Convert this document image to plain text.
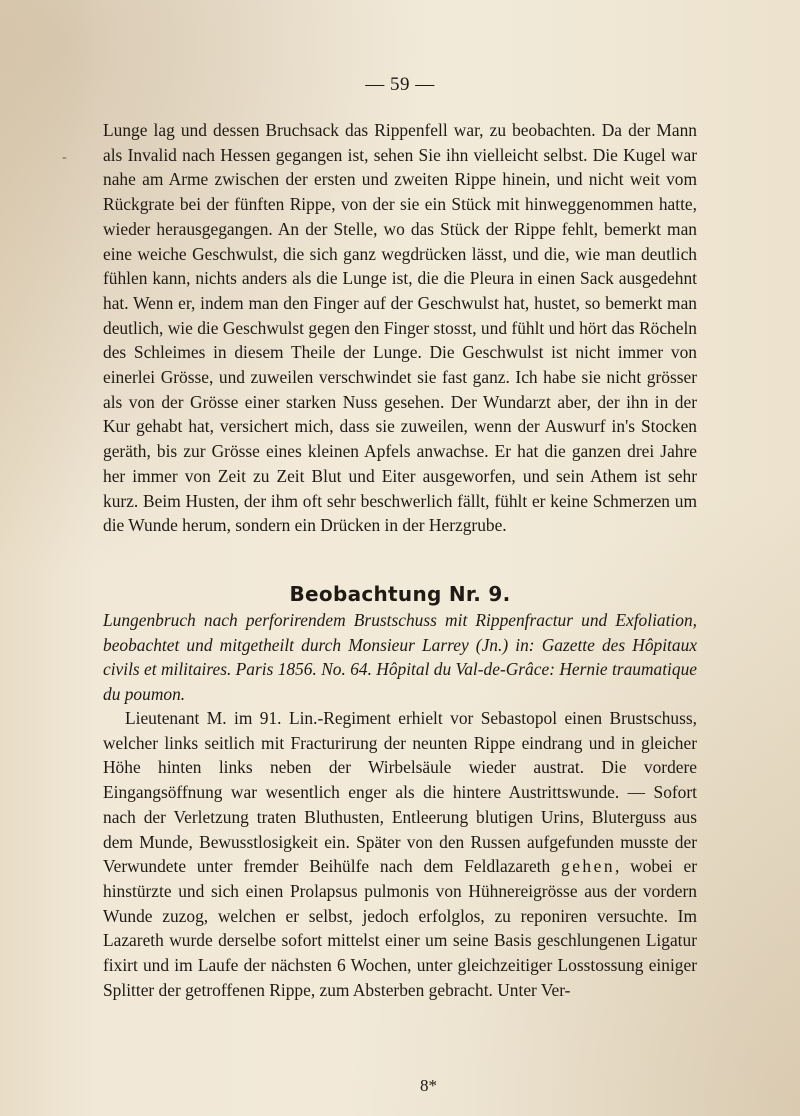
— 59 —
-
Lunge lag und dessen Bruchsack das Rippenfell war, zu beobachten. Da der Mann als Invalid nach Hessen gegangen ist, sehen Sie ihn vielleicht selbst. Die Kugel war nahe am Arme zwischen der ersten und zweiten Rippe hinein, und nicht weit vom Rückgrate bei der fünften Rippe, von der sie ein Stück mit hinweggenommen hatte, wieder herausgegangen. An der Stelle, wo das Stück der Rippe fehlt, bemerkt man eine weiche Geschwulst, die sich ganz wegdrücken lässt, und die, wie man deutlich fühlen kann, nichts anders als die Lunge ist, die die Pleura in einen Sack ausgedehnt hat. Wenn er, indem man den Finger auf der Geschwulst hat, hustet, so bemerkt man deutlich, wie die Geschwulst gegen den Finger stosst, und fühlt und hört das Röcheln des Schleimes in diesem Theile der Lunge. Die Geschwulst ist nicht immer von einerlei Grösse, und zuweilen verschwindet sie fast ganz. Ich habe sie nicht grösser als von der Grösse einer starken Nuss gesehen. Der Wundarzt aber, der ihn in der Kur gehabt hat, versichert mich, dass sie zuweilen, wenn der Auswurf in's Stocken geräth, bis zur Grösse eines kleinen Apfels anwachse. Er hat die ganzen drei Jahre her immer von Zeit zu Zeit Blut und Eiter ausgeworfen, und sein Athem ist sehr kurz. Beim Husten, der ihm oft sehr beschwerlich fällt, fühlt er keine Schmerzen um die Wunde herum, sondern ein Drücken in der Herzgrube.
Beobachtung Nr. 9.
Lungenbruch nach perforirendem Brustschuss mit Rippenfractur und Exfoliation, beobachtet und mitgetheilt durch Monsieur Larrey (Jn.) in: Gazette des Hôpitaux civils et militaires. Paris 1856. No. 64. Hôpital du Val-de-Grâce: Hernie traumatique du poumon.
Lieutenant M. im 91. Lin.-Regiment erhielt vor Sebastopol einen Brustschuss, welcher links seitlich mit Fracturirung der neunten Rippe eindrang und in gleicher Höhe hinten links neben der Wirbelsäule wieder austrat. Die vordere Eingangsöffnung war wesentlich enger als die hintere Austrittswunde. — Sofort nach der Verletzung traten Bluthusten, Entleerung blutigen Urins, Bluterguss aus dem Munde, Bewusstlosigkeit ein. Später von den Russen aufgefunden musste der Verwundete unter fremder Beihülfe nach dem Feldlazareth gehen, wobei er hinstürzte und sich einen Prolapsus pulmonis von Hühnereigrösse aus der vordern Wunde zuzog, welchen er selbst, jedoch erfolglos, zu reponiren versuchte. Im Lazareth wurde derselbe sofort mittelst einer um seine Basis geschlungenen Ligatur fixirt und im Laufe der nächsten 6 Wochen, unter gleichzeitiger Losstossung einiger Splitter der getroffenen Rippe, zum Absterben gebracht. Unter Ver-
8*
